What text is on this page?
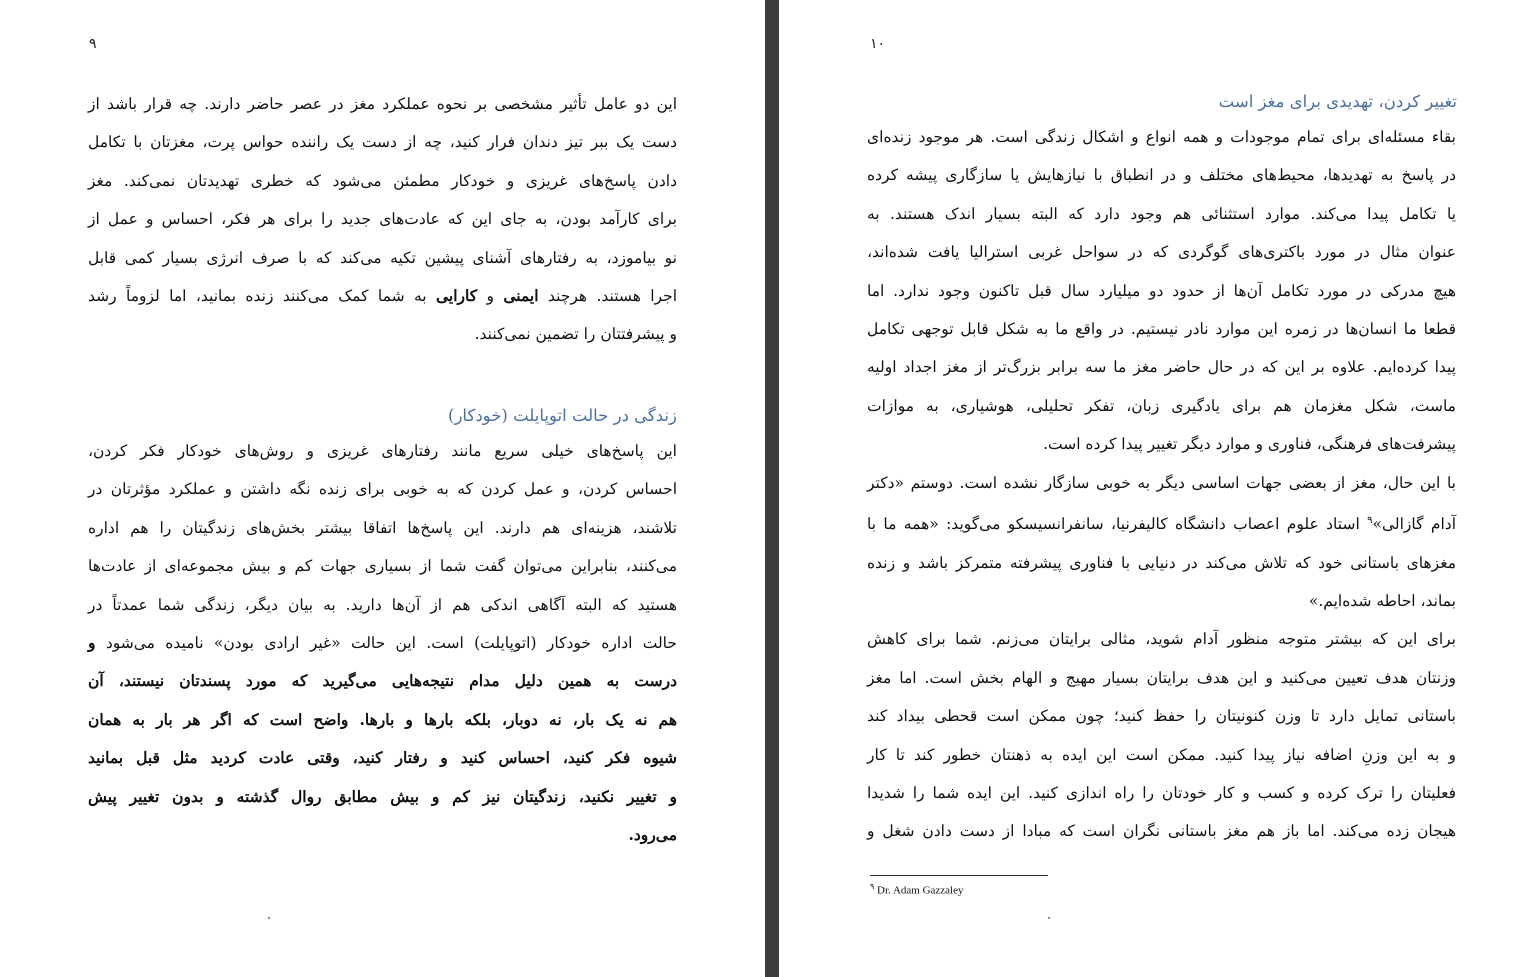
۹
این دو عامل تأثیر مشخصی بر نحوه عملکرد مغز در عصر حاضر دارند. چه قرار باشد از
دست یک ببر تیز دندان فرار کنید، چه از دست یک راننده حواس پرت، مغزتان با تکامل
دادن پاسخ‌های غریزی و خودکار مطمئن می‌شود که خطری تهدیدتان نمی‌کند. مغز
برای کارآمد بودن، به جای این که عادت‌های جدید را برای هر فکر، احساس و عمل از
نو بیاموزد، به رفتارهای آشنای پیشین تکیه می‌کند که با صرف انرژی بسیار کمی قابل
اجرا هستند. هرچند ایمنی و کارایی به شما کمک می‌کنند زنده بمانید، اما لزوماً رشد
و پیشرفتتان را تضمین نمی‌کنند.
زندگی در حالت اتوپایلت (خودکار)
این پاسخ‌های خیلی سریع مانند رفتارهای غریزی و روش‌های خودکار فکر کردن،
احساس کردن، و عمل کردن که به خوبی برای زنده نگه داشتن و عملکرد مؤثرتان در
تلاشند، هزینه‌ای هم دارند. این پاسخ‌ها اتفاقا بیشتر بخش‌های زندگیتان را هم اداره
می‌کنند، بنابراین می‌توان گفت شما از بسیاری جهات کم و بیش مجموعه‌ای از عادت‌ها
هستید که البته آگاهی اندکی هم از آن‌ها دارید. به بیان دیگر، زندگی شما عمدتاً در
حالت اداره خودکار (اتوپایلت) است. این حالت «غیر ارادی بودن» نامیده می‌شود و
درست به همین دلیل مدام نتیجه‌هایی می‌گیرید که مورد پسندتان نیستند، آن
هم نه یک بار، نه دوبار، بلکه بارها و بارها. واضح است که اگر هر بار به همان
شیوه فکر کنید، احساس کنید و رفتار کنید، وقتی عادت کردید مثل قبل بمانید
و تغییر نکنید، زندگیتان نیز کم و بیش مطابق روال گذشته و بدون تغییر پیش
می‌رود.
۱۰
تغییر کردن، تهدیدی برای مغز است
بقاء مسئله‌ای برای تمام موجودات و همه انواع و اشکال زندگی است. هر موجود زنده‌ای
در پاسخ به تهدیدها، محیط‌های مختلف و در انطباق با نیازهایش یا سازگاری پیشه کرده
یا تکامل پیدا می‌کند. موارد استثنائی هم وجود دارد که البته بسیار اندک هستند. به
عنوان مثال در مورد باکتری‌های گوگردی که در سواحل غربی استرالیا یافت شده‌اند،
هیچ مدرکی در مورد تکامل آن‌ها از حدود دو میلیارد سال قبل تاکنون وجود ندارد. اما
قطعا ما انسان‌ها در زمره این موارد نادر نیستیم. در واقع ما به شکل قابل توجهی تکامل
پیدا کرده‌ایم. علاوه بر این که در حال حاضر مغز ما سه برابر بزرگ‌تر از مغز اجداد اولیه
ماست، شکل مغزمان هم برای یادگیری زبان، تفکر تحلیلی، هوشیاری، به موازات
پیشرفت‌های فرهنگی، فناوری و موارد دیگر تغییر پیدا کرده است.
با این حال، مغز از بعضی جهات اساسی دیگر به خوبی سازگار نشده است. دوستم «دکتر
آدام گازالی»$^۹$ استاد علوم اعصاب دانشگاه کالیفرنیا، سانفرانسیسکو می‌گوید: «همه ما با
مغزهای باستانی خود که تلاش می‌کند در دنیایی با فناوری پیشرفته متمرکز باشد و زنده
بماند، احاطه شده‌ایم.»
برای این که بیشتر متوجه منظور آدام شوید، مثالی برایتان می‌زنم. شما برای کاهش
وزنتان هدف تعیین می‌کنید و این هدف برایتان بسیار مهیج و الهام بخش است. اما مغز
باستانی تمایل دارد تا وزن کنونیتان را حفظ کنید؛ چون ممکن است قحطی بیداد کند
و به این وزنِ اضافه نیاز پیدا کنید. ممکن است این ایده به ذهنتان خطور کند تا کار
فعلیتان را ترک کرده و کسب و کار خودتان را راه اندازی کنید. این ایده شما را شدیدا
هیجان زده می‌کند. اما باز هم مغز باستانی نگران است که مبادا از دست دادن شغل و
$^۹$ Dr. Adam Gazzaley
